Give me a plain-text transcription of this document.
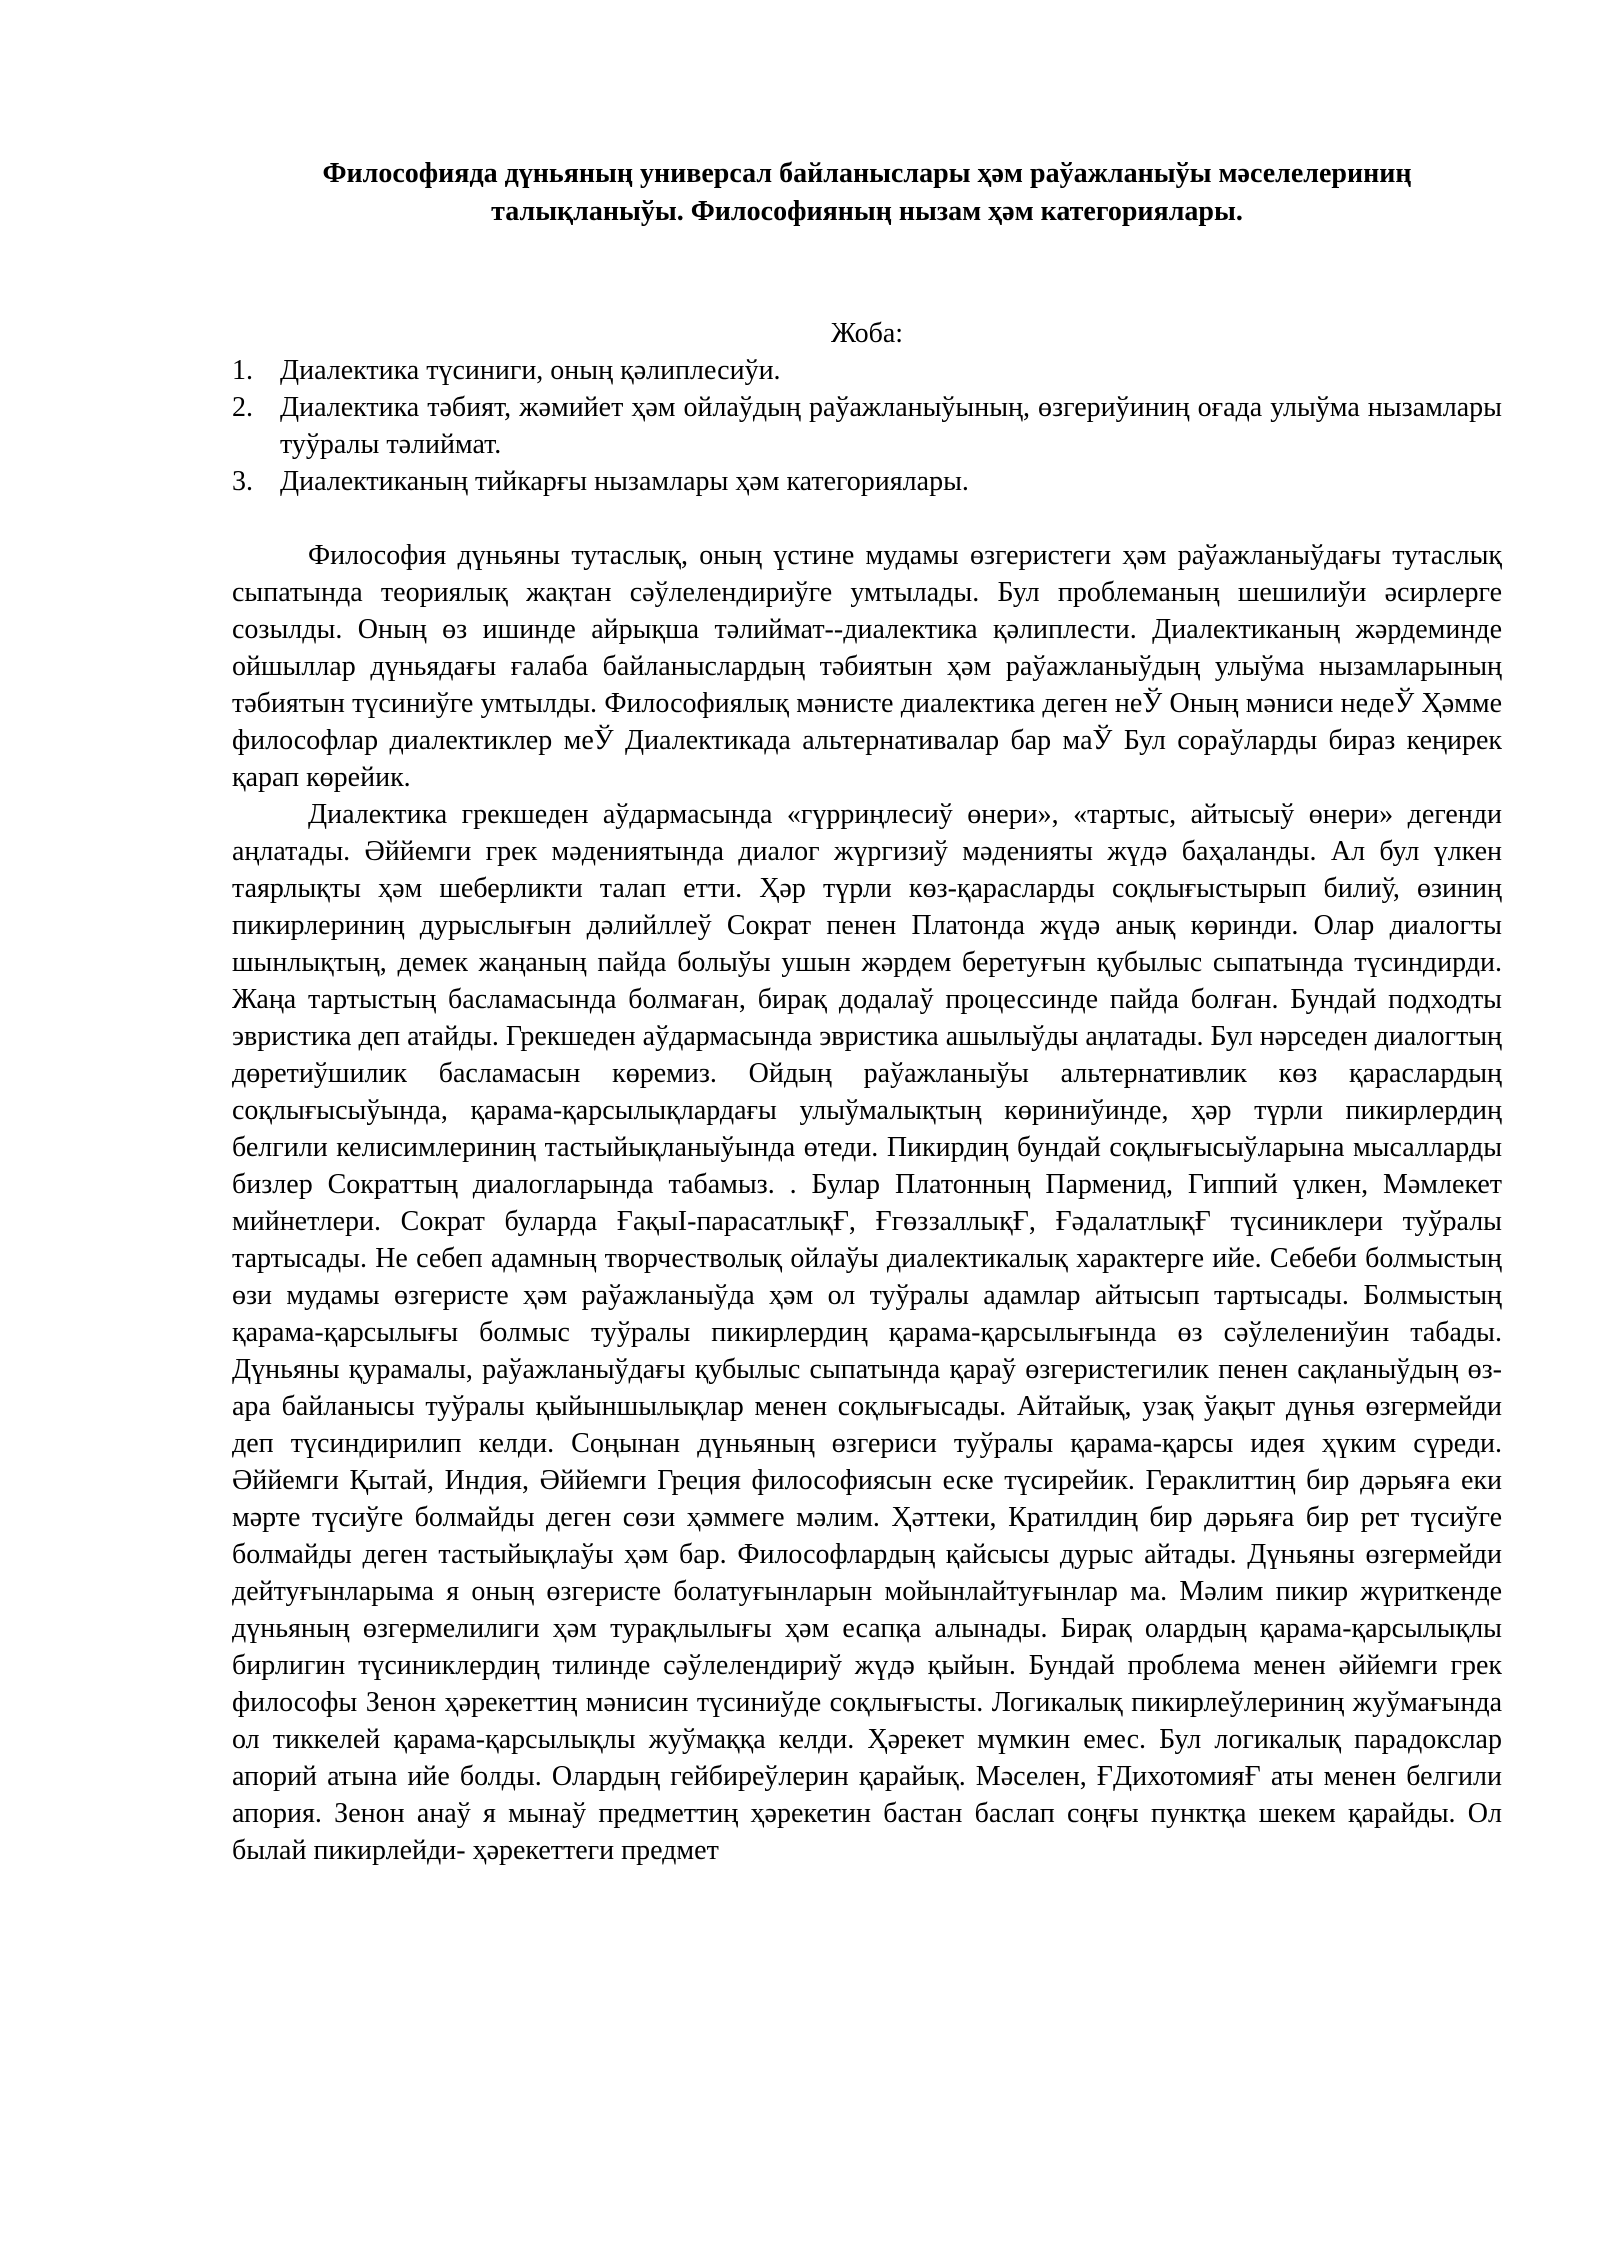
Философияда дүньяның универсал байланыслары ҳәм раўажланыўы мәселелериниң
талықланыўы. Философияның нызам ҳәм категориялары.
Жоба:
1. Диалектика түсиниги, оның қәлиплесиўи.
2. Диалектика тәбият, жәмийет ҳәм ойлаўдың раўажланыўының, өзгериўиниң оғада улыўма нызамлары туўралы тәлиймат.
3. Диалектиканың тийкарғы нызамлары ҳәм категориялары.

Философия дүньяны тутаслық, оның үстине мудамы өзгеристеги ҳәм раўажланыўдағы тутаслық сыпатында теориялық жақтан сәўлелендириўге умтылады. Бул проблеманың шешилиўи әсирлерге созылды. Оның өз ишинде айрықша тәлиймат--диалектика қәлиплести. Диалектиканың жәрдеминде ойшыллар дүньядағы ғалаба байланыслардың тәбиятын ҳәм раўажланыўдың улыўма нызамларының тәбиятын түсиниўге умтылды. Философиялық мәнисте диалектика деген неЎ Оның мәниси недеЎ Ҳәмме философлар диалектиклер меЎ Диалектикада альтернативалар бар маЎ Бул сораўларды бираз кеңирек қарап көрейик.

Диалектика грекшеден аўдармасында «гүрриңлесиў өнери», «тартыс, айтысыў өнери» дегенди аңлатады. Әййемги грек мәдениятында диалог жүргизиў мәденияты жүдә баҳаланды. Ал бул үлкен таярлықты ҳәм шеберликти талап етти. Ҳәр түрли көз-қарасларды соқлығыстырып билиў, өзиниң пикирлериниң дурыслығын дәлийллеў Сократ пенен Платонда жүдә анық көринди. Олар диалогты шынлықтың, демек жаңаның пайда болыўы ушын жәрдем беретуғын қубылыс сыпатында түсиндирди. Жаңа тартыстың басламасында болмаған, бирақ додалаў процессинде пайда болған. Бундай подходты эвристика деп атайды. Грекшеден аўдармасында эвристика ашылыўды аңлатады. Бул нәрседен диалогтың дөретиўшилик басламасын көремиз. Ойдың раўажланыўы альтернативлик көз қараслардың соқлығысыўында, қарама-қарсылықлардағы улыўмалықтың көриниўинде, ҳәр түрли пикирлердиң белгили келисимлериниң тастыйықланыўында өтеди. Пикирдиң бундай соқлығысыўларына мысалларды бизлер Сократтың диалогларында табамыз. . Булар Платонның Парменид, Гиппий үлкен, Мәмлекет мийнетлери. Сократ буларда ҒақыI-парасатлықҒ, ҒгөззаллықҒ, ҒәдалатлықҒ түсиниклери туўралы тартысады. Не себеп адамның творчестволық ойлаўы диалектикалық характерге ийе. Себеби болмыстың өзи мудамы өзгеристе ҳәм раўажланыўда ҳәм ол туўралы адамлар айтысып тартысады. Болмыстың қарама-қарсылығы болмыс туўралы пикирлердиң қарама-қарсылығында өз сәўлелениўин табады. Дүньяны қурамалы, раўажланыўдағы қубылыс сыпатында қараў өзгеристегилик пенен сақланыўдың өз-ара байланысы туўралы қыйыншылықлар менен соқлығысады. Айтайық, узақ ўақыт дүнья өзгермейди деп түсиндирилип келди. Соңынан дүньяның өзгериси туўралы қарама-қарсы идея ҳүким сүреди. Әййемги Қытай, Индия, Әййемги Греция философиясын еске түсирейик. Гераклиттиң бир дәрьяға еки мәрте түсиўге болмайды деген сөзи ҳәммеге мәлим. Ҳәттеки, Кратилдиң бир дәрьяға бир рет түсиўге болмайды деген тастыйықлаўы ҳәм бар. Философлардың қайсысы дурыс айтады. Дүньяны өзгермейди дейтуғынларыма я оның өзгеристе болатуғынларын мойынлайтуғынлар ма. Мәлим пикир жүриткенде дүньяның өзгермелилиги ҳәм турақлылығы ҳәм есапқа алынады. Бирақ олардың қарама-қарсылықлы бирлигин түсиниклердиң тилинде сәўлелендириў жүдә қыйын. Бундай проблема менен әййемги грек философы Зенон ҳәрекеттиң мәнисин түсиниўде соқлығысты. Логикалық пикирлеўлериниң жуўмағында ол тиккелей қарама-қарсылықлы жуўмаққа келди. Ҳәрекет мүмкин емес. Бул логикалық парадокслар апорий атына ийе болды. Олардың гейбиреўлерин қарайық. Мәселен, ҒДихотомияҒ аты менен белгили апория. Зенон анаў я мынаў предметтиң ҳәрекетин бастан баслап соңғы пунктқа шекем қарайды. Ол былай пикирлейди- ҳәрекеттеги предмет
